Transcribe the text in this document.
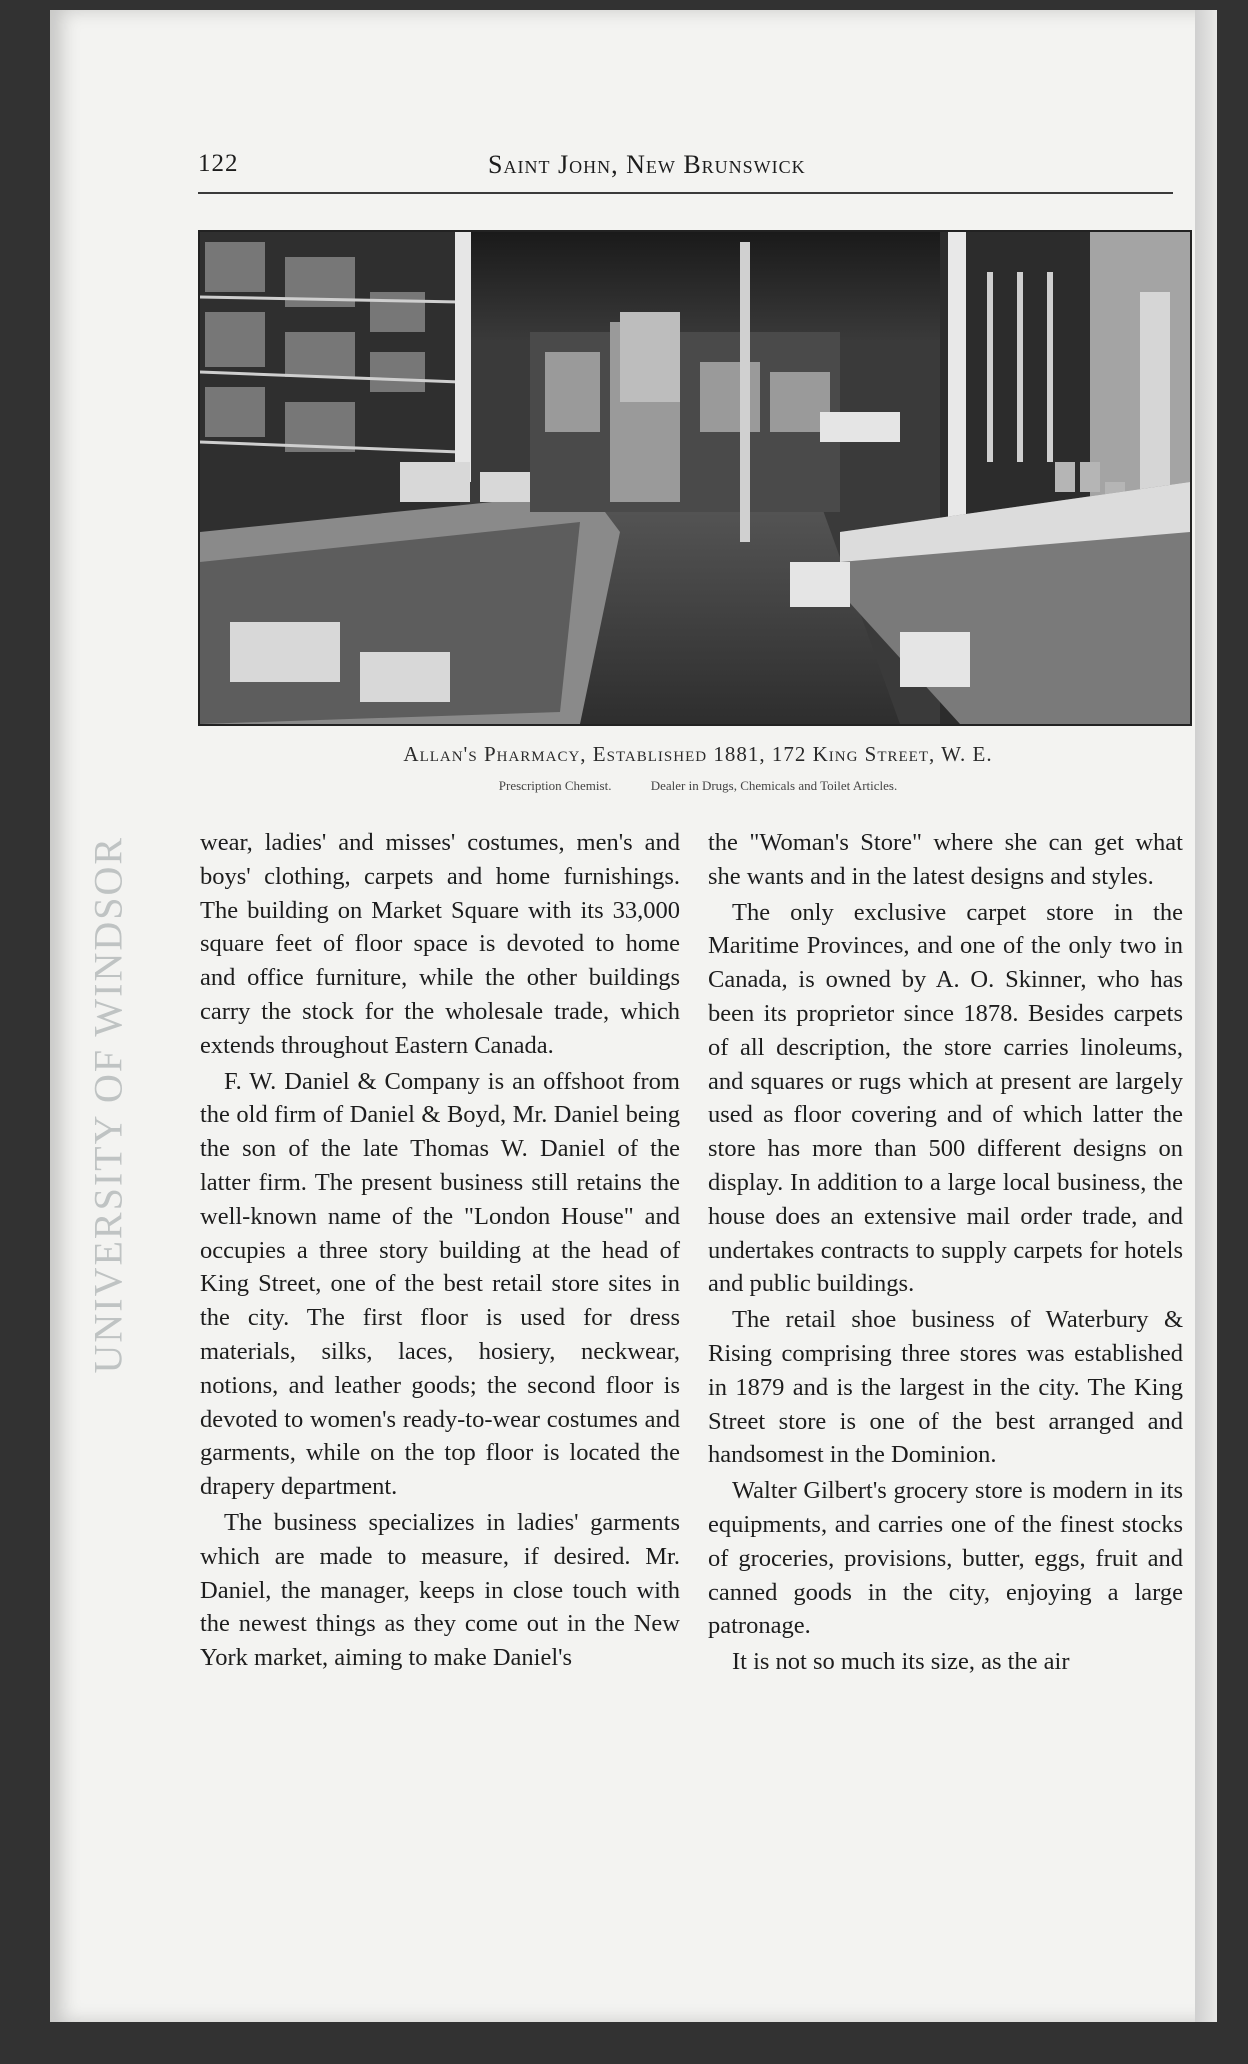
UNIVERSITY OF WINDSOR
122	Saint John, New Brunswick
Allan's Pharmacy, Established 1881, 172 King Street, W. E.
Prescription Chemist.	Dealer in Drugs, Chemicals and Toilet Articles.

wear, ladies' and misses' costumes, men's and boys' clothing, carpets and home furnishings. The building on Market Square with its 33,000 square feet of floor space is devoted to home and office furniture, while the other buildings carry the stock for the wholesale trade, which extends throughout Eastern Canada.

F. W. Daniel & Company is an offshoot from the old firm of Daniel & Boyd, Mr. Daniel being the son of the late Thomas W. Daniel of the latter firm. The present business still retains the well-known name of the "London House" and occupies a three story building at the head of King Street, one of the best retail store sites in the city. The first floor is used for dress materials, silks, laces, hosiery, neckwear, notions, and leather goods; the second floor is devoted to women's ready-to-wear costumes and garments, while on the top floor is located the drapery department.

The business specializes in ladies' garments which are made to measure, if desired. Mr. Daniel, the manager, keeps in close touch with the newest things as they come out in the New York market, aiming to make Daniel's

the "Woman's Store" where she can get what she wants and in the latest designs and styles.

The only exclusive carpet store in the Maritime Provinces, and one of the only two in Canada, is owned by A. O. Skinner, who has been its proprietor since 1878. Besides carpets of all description, the store carries linoleums, and squares or rugs which at present are largely used as floor covering and of which latter the store has more than 500 different designs on display. In addition to a large local business, the house does an extensive mail order trade, and undertakes contracts to supply carpets for hotels and public buildings.

The retail shoe business of Waterbury & Rising comprising three stores was established in 1879 and is the largest in the city. The King Street store is one of the best arranged and handsomest in the Dominion.

Walter Gilbert's grocery store is modern in its equipments, and carries one of the finest stocks of groceries, provisions, butter, eggs, fruit and canned goods in the city, enjoying a large patronage.

It is not so much its size, as the air
